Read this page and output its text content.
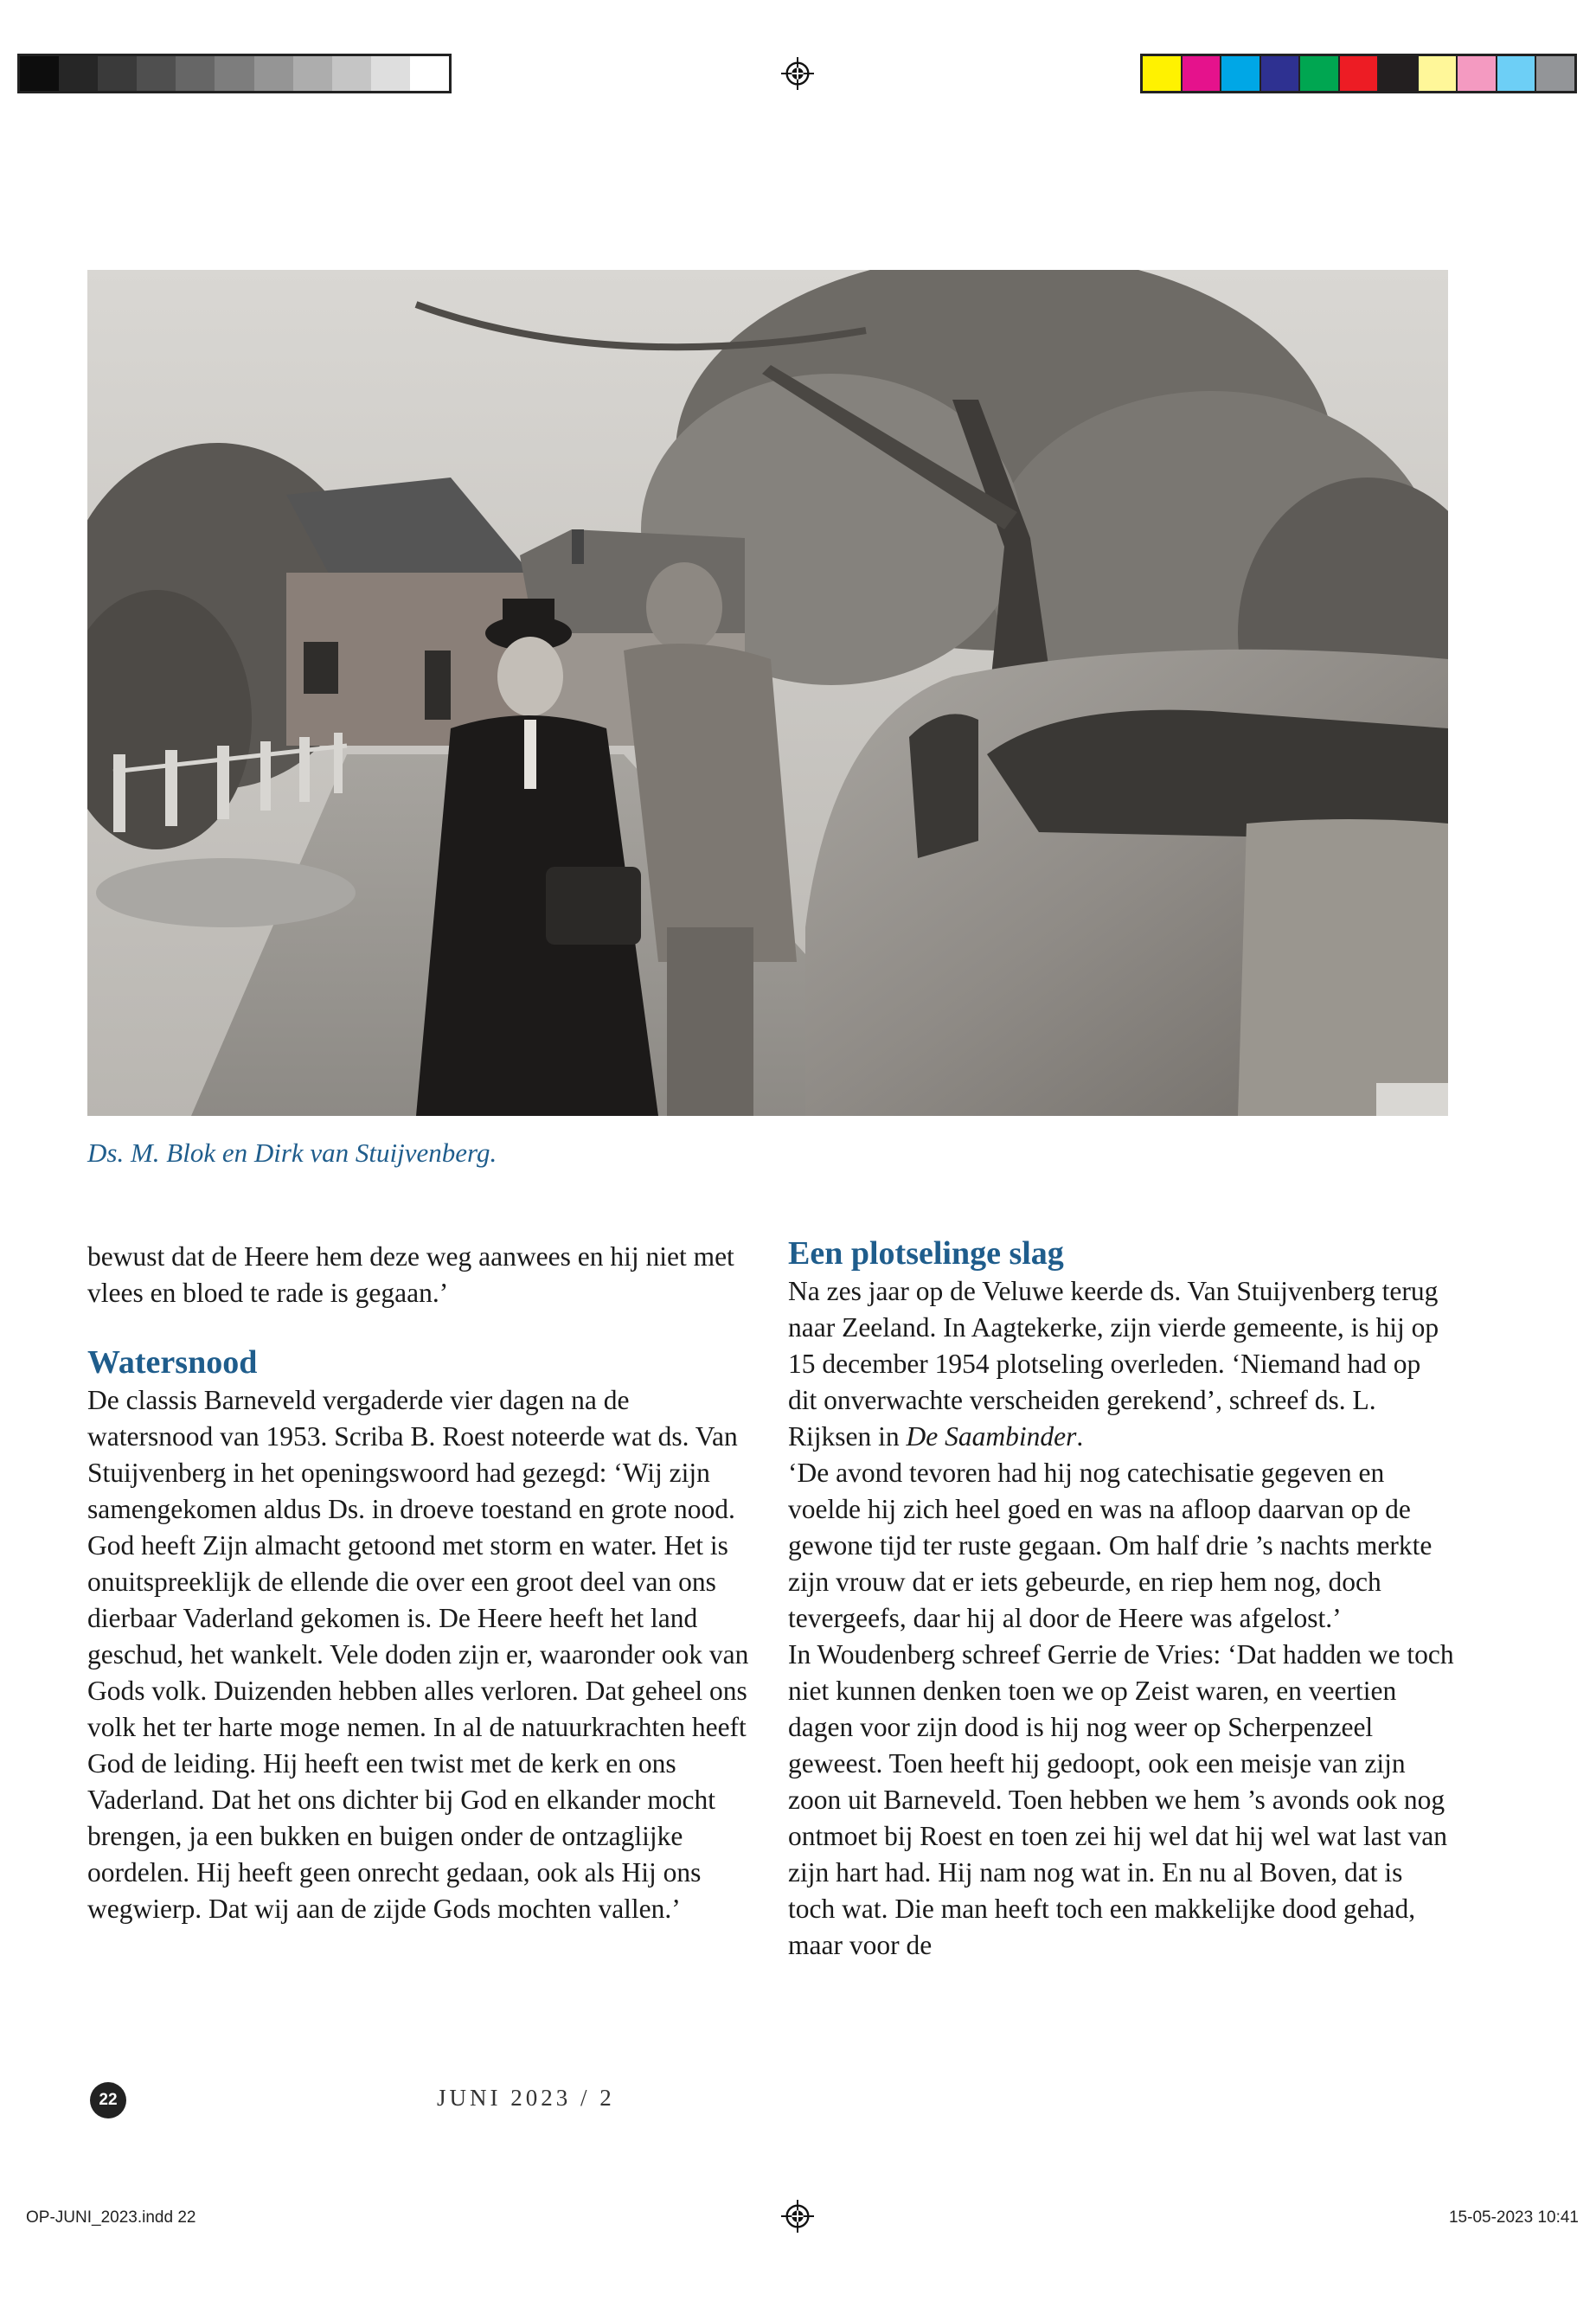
Ds. M. Blok en Dirk van Stuijvenberg.

bewust dat de Heere hem deze weg aanwees en hij niet met vlees en bloed te rade is gegaan.’

Watersnood

De classis Barneveld vergaderde vier dagen na de watersnood van 1953. Scriba B. Roest noteerde wat ds. Van Stuijvenberg in het openingswoord had gezegd: ‘Wij zijn samengekomen aldus Ds. in droeve toestand en grote nood. God heeft Zijn almacht getoond met storm en water. Het is onuitspreeklijk de ellende die over een groot deel van ons dierbaar Vaderland gekomen is. De Heere heeft het land geschud, het wankelt. Vele doden zijn er, waaronder ook van Gods volk. Duizenden hebben alles verloren. Dat geheel ons volk het ter harte moge nemen. In al de natuurkrachten heeft God de leiding. Hij heeft een twist met de kerk en ons Vaderland. Dat het ons dichter bij God en elkander mocht brengen, ja een bukken en buigen onder de ontzaglijke oordelen. Hij heeft geen onrecht gedaan, ook als Hij ons wegwierp. Dat wij aan de zijde Gods mochten vallen.’

Een plotselinge slag

Na zes jaar op de Veluwe keerde ds. Van Stuijvenberg terug naar Zeeland. In Aagtekerke, zijn vierde gemeente, is hij op 15 december 1954 plotseling overleden. ‘Niemand had op dit onverwachte verscheiden gerekend’, schreef ds. L. Rijksen in De Saambinder.

‘De avond tevoren had hij nog catechisatie gegeven en voelde hij zich heel goed en was na afloop daarvan op de gewone tijd ter ruste gegaan. Om half drie ’s nachts merkte zijn vrouw dat er iets gebeurde, en riep hem nog, doch tevergeefs, daar hij al door de Heere was afgelost.’

In Woudenberg schreef Gerrie de Vries: ‘Dat hadden we toch niet kunnen denken toen we op Zeist waren, en veertien dagen voor zijn dood is hij nog weer op Scherpenzeel geweest. Toen heeft hij gedoopt, ook een meisje van zijn zoon uit Barneveld. Toen hebben we hem ’s avonds ook nog ontmoet bij Roest en toen zei hij wel dat hij wel wat last van zijn hart had. Hij nam nog wat in. En nu al Boven, dat is toch wat. Die man heeft toch een makkelijke dood gehad, maar voor de

22	JUNI 2023 / 2
OP-JUNI_2023.indd 22	15-05-2023 10:41
